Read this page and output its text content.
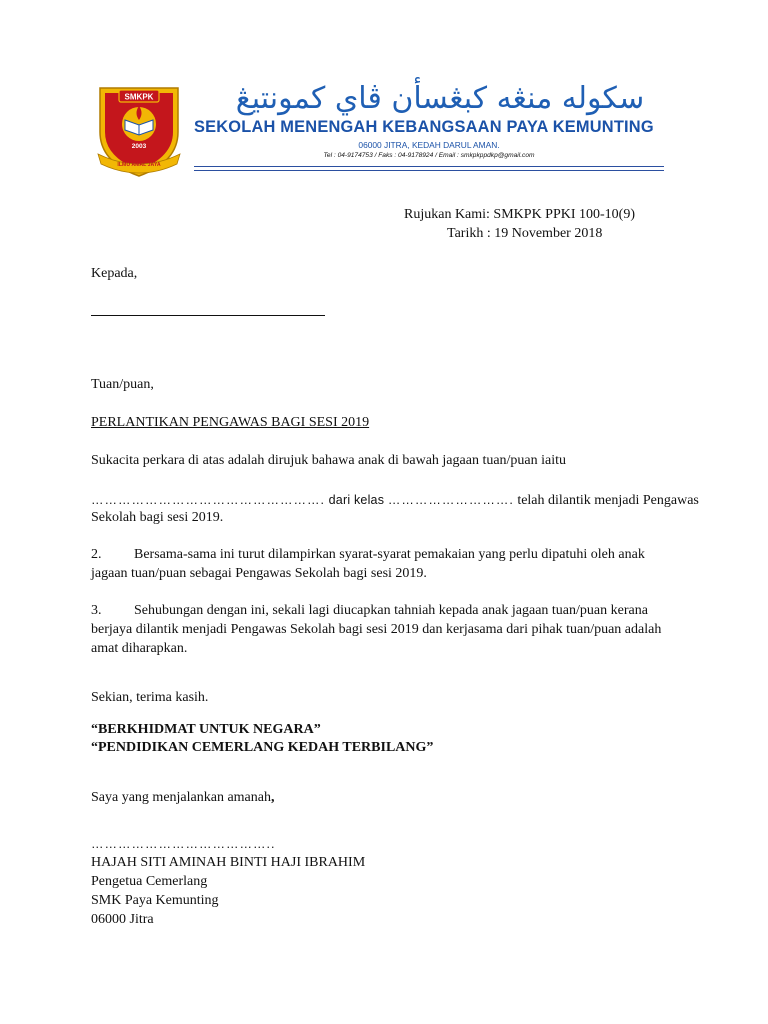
SMKPK
2003
ILMU AMAL JAYA
سكوله منڠه كبڠسأن ڤاي كمونتيڠ
SEKOLAH MENENGAH KEBANGSAAN PAYA KEMUNTING
06000 JITRA, KEDAH DARUL AMAN.
Tel : 04-9174753 / Faks : 04-9178924 / Email : smkpkppdkp@gmail.com
Rujukan Kami: SMKPK PPKI 100-10(9)
Tarikh : 19 November 2018
Kepada,
Tuan/puan,
PERLANTIKAN PENGAWAS BAGI SESI 2019
Sukacita perkara di atas adalah dirujuk bahawa anak di bawah jagaan tuan/puan iaitu
……………………………………………. dari kelas ………………………. telah dilantik menjadi Pengawas
Sekolah bagi sesi 2019.
2. Bersama-sama ini turut dilampirkan syarat-syarat pemakaian yang perlu dipatuhi oleh anak
jagaan tuan/puan sebagai Pengawas Sekolah bagi sesi 2019.
3. Sehubungan dengan ini, sekali lagi diucapkan tahniah kepada anak jagaan tuan/puan kerana
berjaya dilantik menjadi Pengawas Sekolah bagi sesi 2019 dan kerjasama dari pihak tuan/puan adalah
amat diharapkan.
Sekian, terima kasih.
“BERKHIDMAT UNTUK NEGARA”
“PENDIDIKAN CEMERLANG KEDAH TERBILANG”
Saya yang menjalankan amanah,
…………………………………..
HAJAH SITI AMINAH BINTI HAJI IBRAHIM
Pengetua Cemerlang
SMK Paya Kemunting
06000 Jitra
